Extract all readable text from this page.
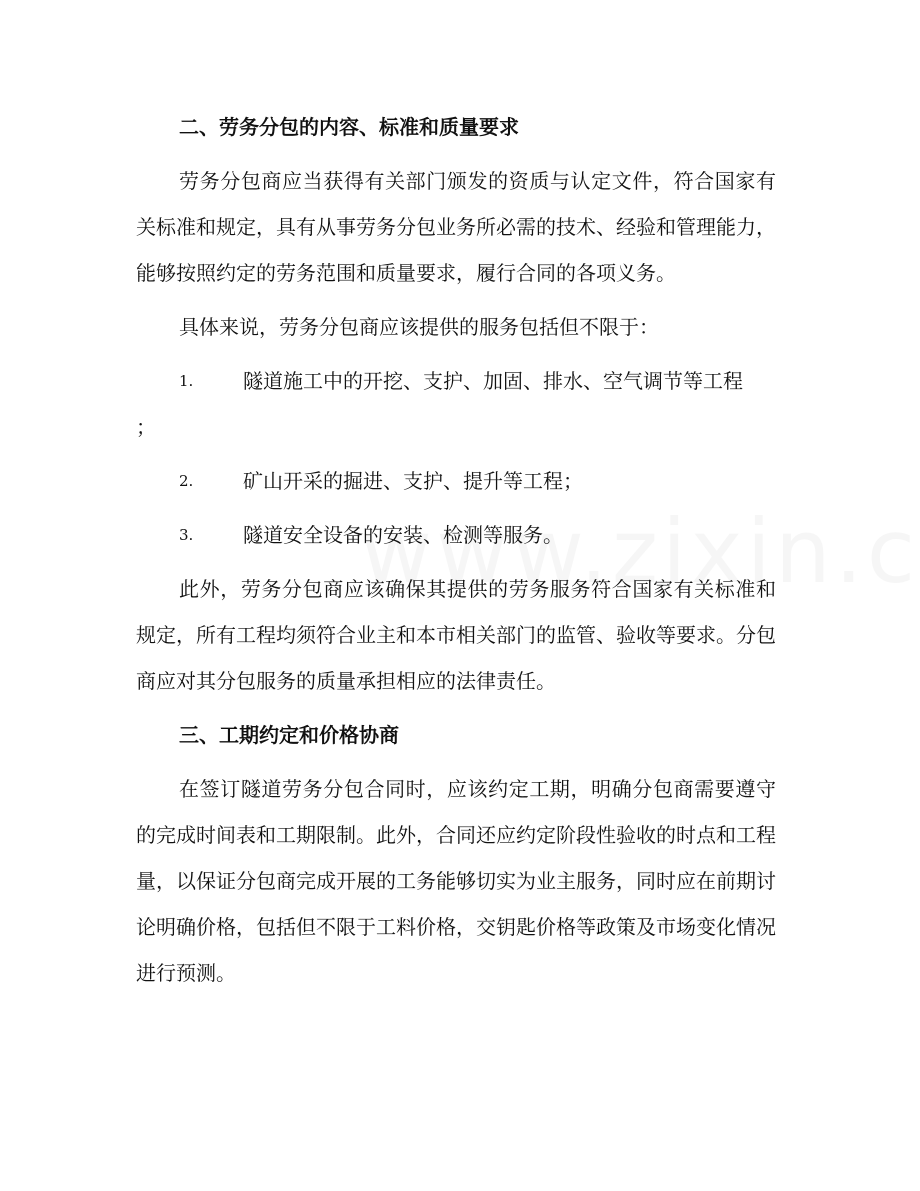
二、劳务分包的内容、标准和质量要求

劳务分包商应当获得有关部门颁发的资质与认定文件，符合国家有关标准和规定，具有从事劳务分包业务所必需的技术、经验和管理能力，能够按照约定的劳务范围和质量要求，履行合同的各项义务。

具体来说，劳务分包商应该提供的服务包括但不限于：

1.	隧道施工中的开挖、支护、加固、排水、空气调节等工程
；
2.	矿山开采的掘进、支护、提升等工程；
3.	隧道安全设备的安装、检测等服务。

此外，劳务分包商应该确保其提供的劳务服务符合国家有关标准和规定，所有工程均须符合业主和本市相关部门的监管、验收等要求。分包商应对其分包服务的质量承担相应的法律责任。

三、工期约定和价格协商

在签订隧道劳务分包合同时，应该约定工期，明确分包商需要遵守的完成时间表和工期限制。此外，合同还应约定阶段性验收的时点和工程量，以保证分包商完成开展的工务能够切实为业主服务，同时应在前期讨论明确价格，包括但不限于工料价格，交钥匙价格等政策及市场变化情况进行预测。
